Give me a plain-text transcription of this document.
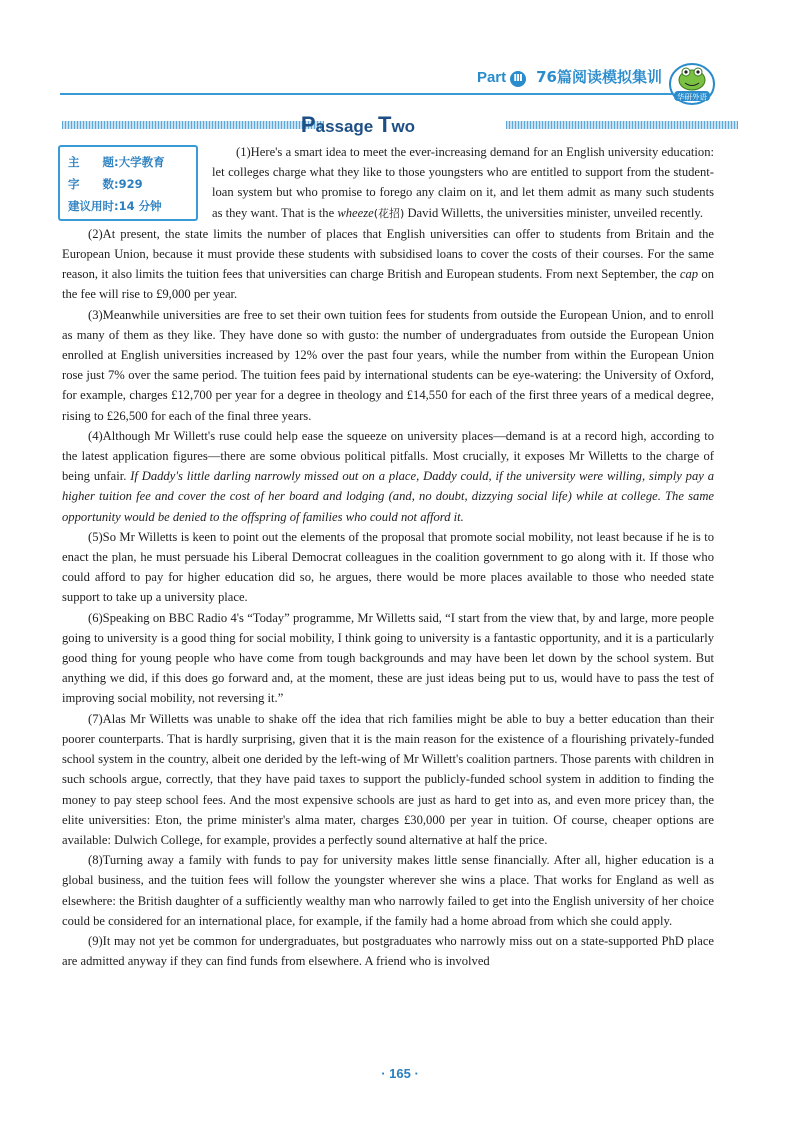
Part Ⅲ 76篇阅读模拟集训
华研外语
Passage Two
主　　题:大学教育
字　　数:929
建议用时:14 分钟

(1)Here's a smart idea to meet the ever-increasing demand for an English university education: let colleges charge what they like to those youngsters who are entitled to support from the student-loan system but who promise to forego any claim on it, and let them admit as many such students as they want. That is the wheeze(花招) David Willetts, the universities minister, unveiled recently.

(2)At present, the state limits the number of places that English universities can offer to students from Britain and the European Union, because it must provide these students with subsidised loans to cover the costs of their courses. For the same reason, it also limits the tuition fees that universities can charge British and European students. From next September, the cap on the fee will rise to £9,000 per year.

(3)Meanwhile universities are free to set their own tuition fees for students from outside the European Union, and to enroll as many of them as they like. They have done so with gusto: the number of undergraduates from outside the European Union enrolled at English universities increased by 12% over the past four years, while the number from within the European Union rose just 7% over the same period. The tuition fees paid by international students can be eye-watering: the University of Oxford, for example, charges £12,700 per year for a degree in theology and £14,550 for each of the first three years of a medical degree, rising to £26,500 for each of the final three years.

(4)Although Mr Willett's ruse could help ease the squeeze on university places—demand is at a record high, according to the latest application figures—there are some obvious political pitfalls. Most crucially, it exposes Mr Willetts to the charge of being unfair. If Daddy's little darling narrowly missed out on a place, Daddy could, if the university were willing, simply pay a higher tuition fee and cover the cost of her board and lodging (and, no doubt, dizzying social life) while at college. The same opportunity would be denied to the offspring of families who could not afford it.

(5)So Mr Willetts is keen to point out the elements of the proposal that promote social mobility, not least because if he is to enact the plan, he must persuade his Liberal Democrat colleagues in the coalition government to go along with it. If those who could afford to pay for higher education did so, he argues, there would be more places available to those who needed state support to take up a university place.

(6)Speaking on BBC Radio 4's “Today” programme, Mr Willetts said, “I start from the view that, by and large, more people going to university is a good thing for social mobility, I think going to university is a fantastic opportunity, and it is a particularly good thing for young people who have come from tough backgrounds and may have been let down by the school system. But anything we did, if this does go forward and, at the moment, these are just ideas being put to us, would have to pass the test of improving social mobility, not reversing it.”

(7)Alas Mr Willetts was unable to shake off the idea that rich families might be able to buy a better education than their poorer counterparts. That is hardly surprising, given that it is the main reason for the existence of a flourishing privately-funded school system in the country, albeit one derided by the left-wing of Mr Willett's coalition partners. Those parents with children in such schools argue, correctly, that they have paid taxes to support the publicly-funded school system in addition to finding the money to pay steep school fees. And the most expensive schools are just as hard to get into as, and even more pricey than, the elite universities: Eton, the prime minister's alma mater, charges £30,000 per year in tuition. Of course, cheaper options are available: Dulwich College, for example, provides a perfectly sound alternative at half the price.

(8)Turning away a family with funds to pay for university makes little sense financially. After all, higher education is a global business, and the tuition fees will follow the youngster wherever she wins a place. That works for England as well as elsewhere: the British daughter of a sufficiently wealthy man who narrowly failed to get into the English university of her choice could be considered for an international place, for example, if the family had a home abroad from which she could apply.

(9)It may not yet be common for undergraduates, but postgraduates who narrowly miss out on a state-supported PhD place are admitted anyway if they can find funds from elsewhere. A friend who is involved

· 165 ·
